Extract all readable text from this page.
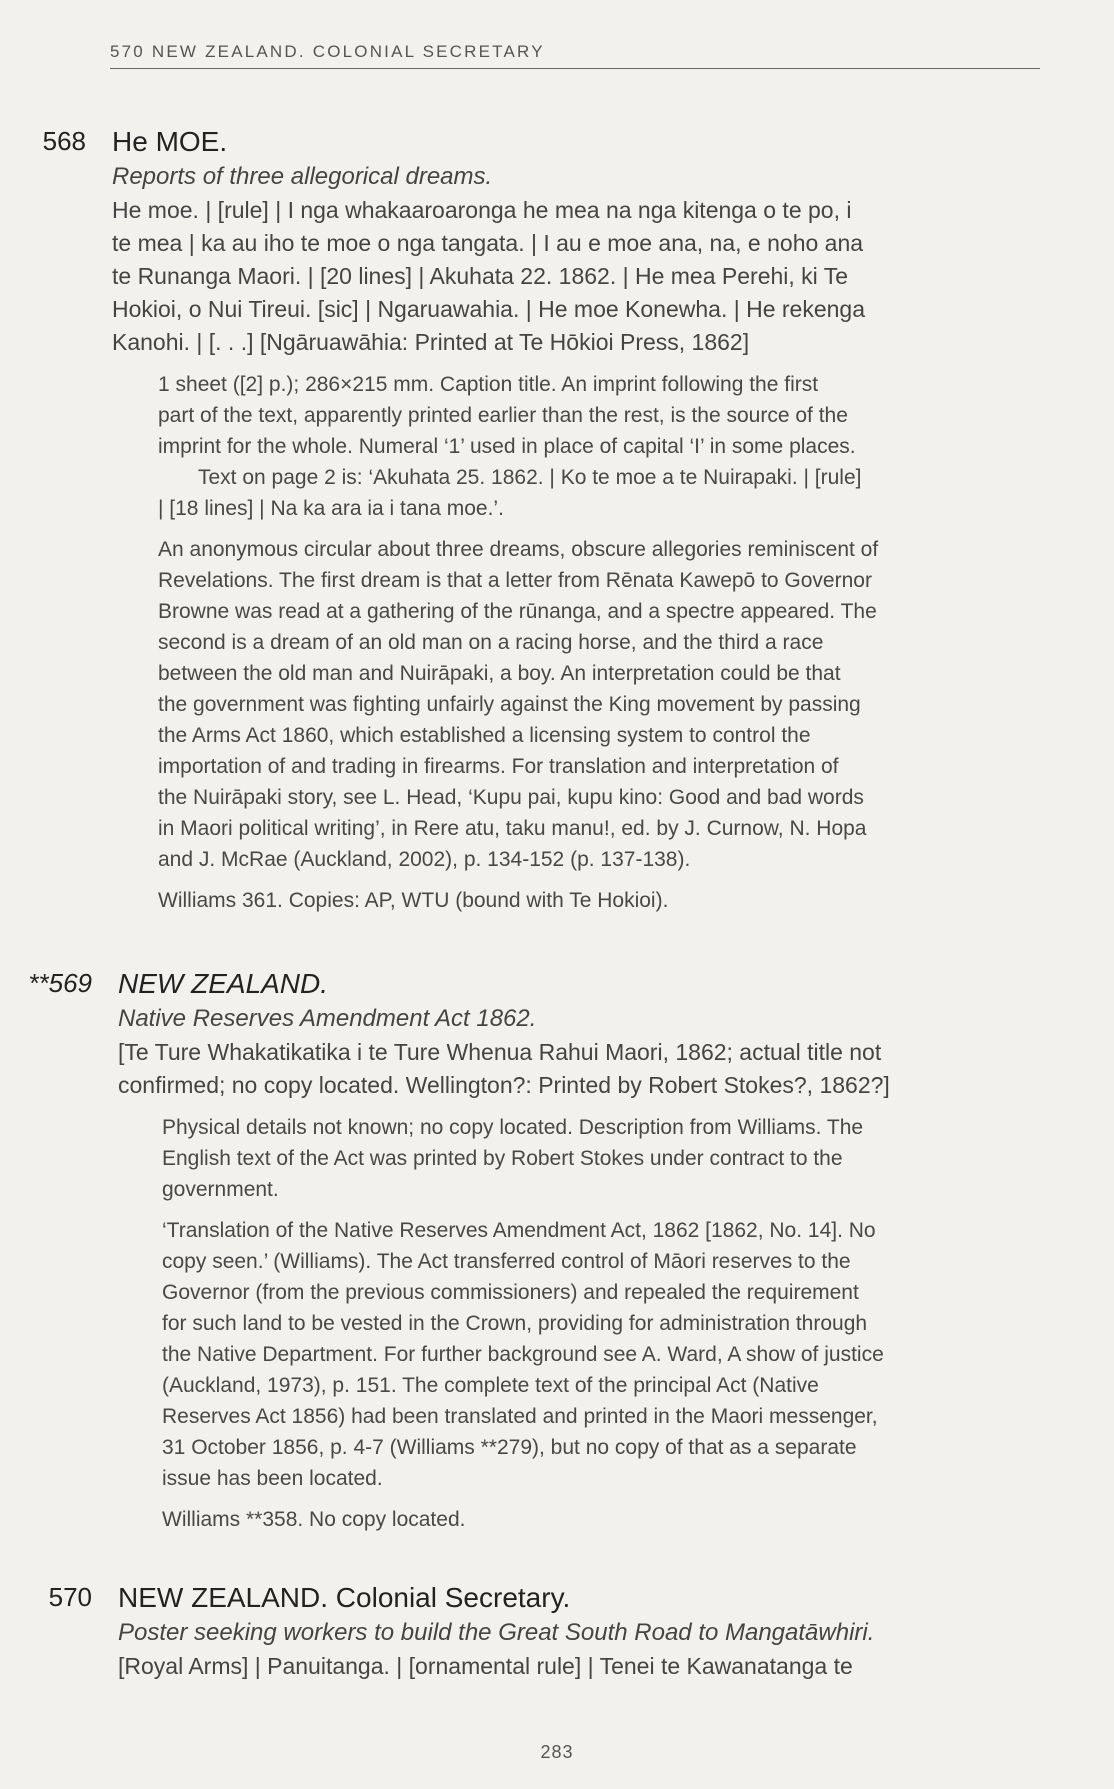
570 NEW ZEALAND. COLONIAL SECRETARY
568 He MOE.
Reports of three allegorical dreams.

He moe. | [rule] | I nga whakaaroaronga he mea na nga kitenga o te po, i

te mea | ka au iho te moe o nga tangata. | I au e moe ana, na, e noho ana

te Runanga Maori. | [20 lines] | Akuhata 22. 1862. | He mea Perehi, ki Te

Hokioi, o Nui Tireui. [sic] | Ngaruawahia. | He moe Konewha. | He rekenga

Kanohi. | [. . .] [Ngāruawāhia: Printed at Te Hōkioi Press, 1862]

1 sheet ([2] p.); 286×215 mm. Caption title. An imprint following the first

part of the text, apparently printed earlier than the rest, is the source of the

imprint for the whole. Numeral ‘1’ used in place of capital ‘I’ in some places.

Text on page 2 is: ‘Akuhata 25. 1862. | Ko te moe a te Nuirapaki. | [rule]

| [18 lines] | Na ka ara ia i tana moe.’.

An anonymous circular about three dreams, obscure allegories reminiscent of

Revelations. The first dream is that a letter from Rēnata Kawepō to Governor

Browne was read at a gathering of the rūnanga, and a spectre appeared. The

second is a dream of an old man on a racing horse, and the third a race

between the old man and Nuirāpaki, a boy. An interpretation could be that

the government was fighting unfairly against the King movement by passing

the Arms Act 1860, which established a licensing system to control the

importation of and trading in firearms. For translation and interpretation of

the Nuirāpaki story, see L. Head, ‘Kupu pai, kupu kino: Good and bad words

in Maori political writing’, in Rere atu, taku manu!, ed. by J. Curnow, N. Hopa

and J. McRae (Auckland, 2002), p. 134-152 (p. 137-138).

Williams 361. Copies: AP, WTU (bound with Te Hokioi).

**569 NEW ZEALAND.
Native Reserves Amendment Act 1862.

[Te Ture Whakatikatika i te Ture Whenua Rahui Maori, 1862; actual title not

confirmed; no copy located. Wellington?: Printed by Robert Stokes?, 1862?]

Physical details not known; no copy located. Description from Williams. The

English text of the Act was printed by Robert Stokes under contract to the

government.

‘Translation of the Native Reserves Amendment Act, 1862 [1862, No. 14]. No

copy seen.’ (Williams). The Act transferred control of Māori reserves to the

Governor (from the previous commissioners) and repealed the requirement

for such land to be vested in the Crown, providing for administration through

the Native Department. For further background see A. Ward, A show of justice

(Auckland, 1973), p. 151. The complete text of the principal Act (Native

Reserves Act 1856) had been translated and printed in the Maori messenger,

31 October 1856, p. 4-7 (Williams **279), but no copy of that as a separate

issue has been located.

Williams **358. No copy located.

570 NEW ZEALAND. Colonial Secretary.
Poster seeking workers to build the Great South Road to Mangatāwhiri.

[Royal Arms] | Panuitanga. | [ornamental rule] | Tenei te Kawanatanga te

283
